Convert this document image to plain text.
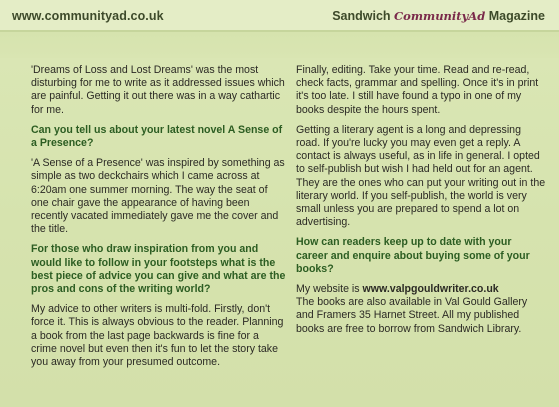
www.communityad.co.uk	Sandwich CommunityAd Magazine

'Dreams of Loss and Lost Dreams' was the most disturbing for me to write as it addressed issues which are painful. Getting it out there was in a way cathartic for me.

Can you tell us about your latest novel A Sense of a Presence?

'A Sense of a Presence' was inspired by something as simple as two deckchairs which I came across at 6:20am one summer morning. The way the seat of one chair gave the appearance of having been recently vacated immediately gave me the cover and the title.

For those who draw inspiration from you and would like to follow in your footsteps what is the best piece of advice you can give and what are the pros and cons of the writing world?

My advice to other writers is multi-fold. Firstly, don't force it. This is always obvious to the reader. Planning a book from the last page backwards is fine for a crime novel but even then it's fun to let the story take you away from your presumed outcome.

Finally, editing. Take your time. Read and re-read, check facts, grammar and spelling. Once it's in print it's too late. I still have found a typo in one of my books despite the hours spent.

Getting a literary agent is a long and depressing road. If you're lucky you may even get a reply. A contact is always useful, as in life in general. I opted to self-publish but wish I had held out for an agent. They are the ones who can put your writing out in the literary world. If you self-publish, the world is very small unless you are prepared to spend a lot on advertising.

How can readers keep up to date with your career and enquire about buying some of your books?

My website is www.valpgouldwriter.co.uk
The books are also available in Val Gould Gallery and Framers 35 Harnet Street. All my published books are free to borrow from Sandwich Library.
